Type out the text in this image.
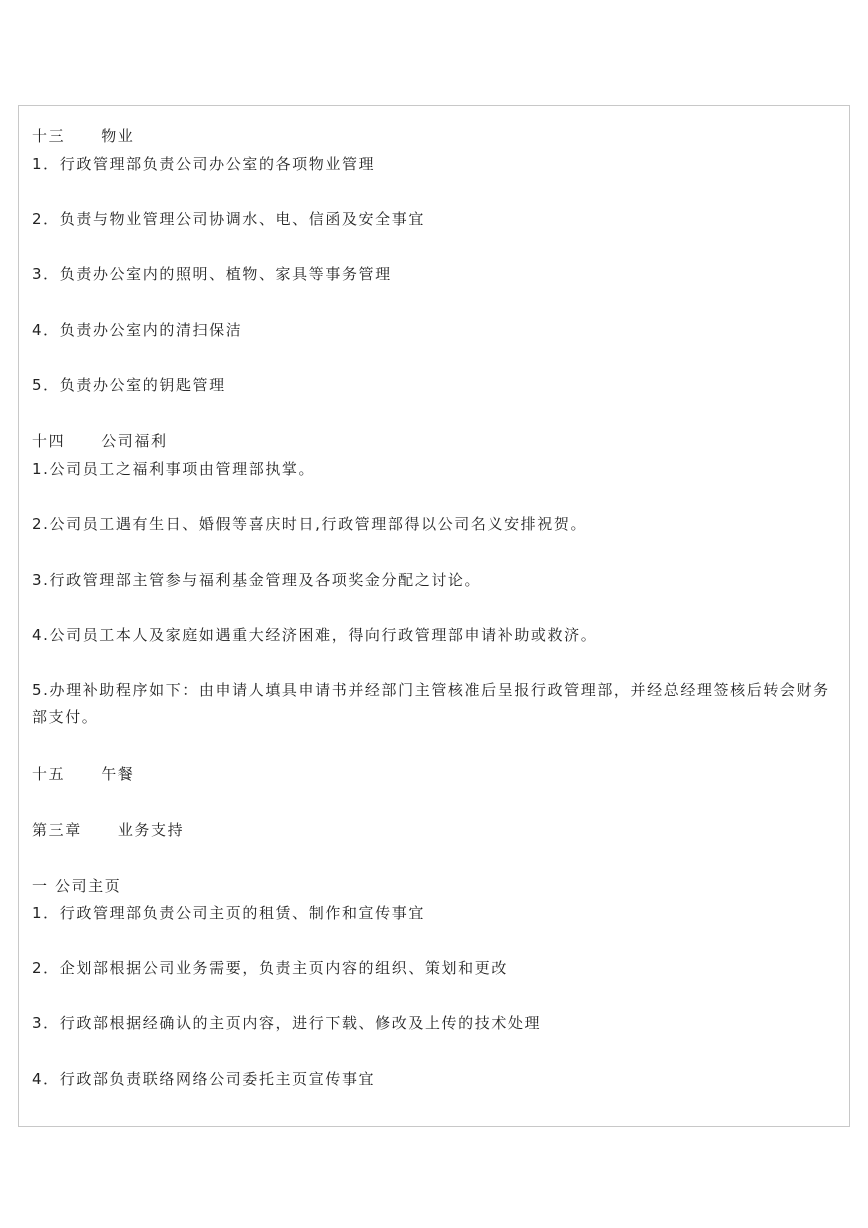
十三 物业
1．行政管理部负责公司办公室的各项物业管理
2．负责与物业管理公司协调水、电、信函及安全事宜
3．负责办公室内的照明、植物、家具等事务管理
4．负责办公室内的清扫保洁
5．负责办公室的钥匙管理
十四 公司福利
1.公司员工之福利事项由管理部执掌。
2.公司员工遇有生日、婚假等喜庆时日,行政管理部得以公司名义安排祝贺。
3.行政管理部主管参与福利基金管理及各项奖金分配之讨论。
4.公司员工本人及家庭如遇重大经济困难，得向行政管理部申请补助或救济。
5.办理补助程序如下：由申请人填具申请书并经部门主管核准后呈报行政管理部，并经总经理签核后转会财务部支付。
十五 午餐
第三章 业务支持
一 公司主页
1．行政管理部负责公司主页的租赁、制作和宣传事宜
2．企划部根据公司业务需要，负责主页内容的组织、策划和更改
3．行政部根据经确认的主页内容，进行下载、修改及上传的技术处理
4．行政部负责联络网络公司委托主页宣传事宜
